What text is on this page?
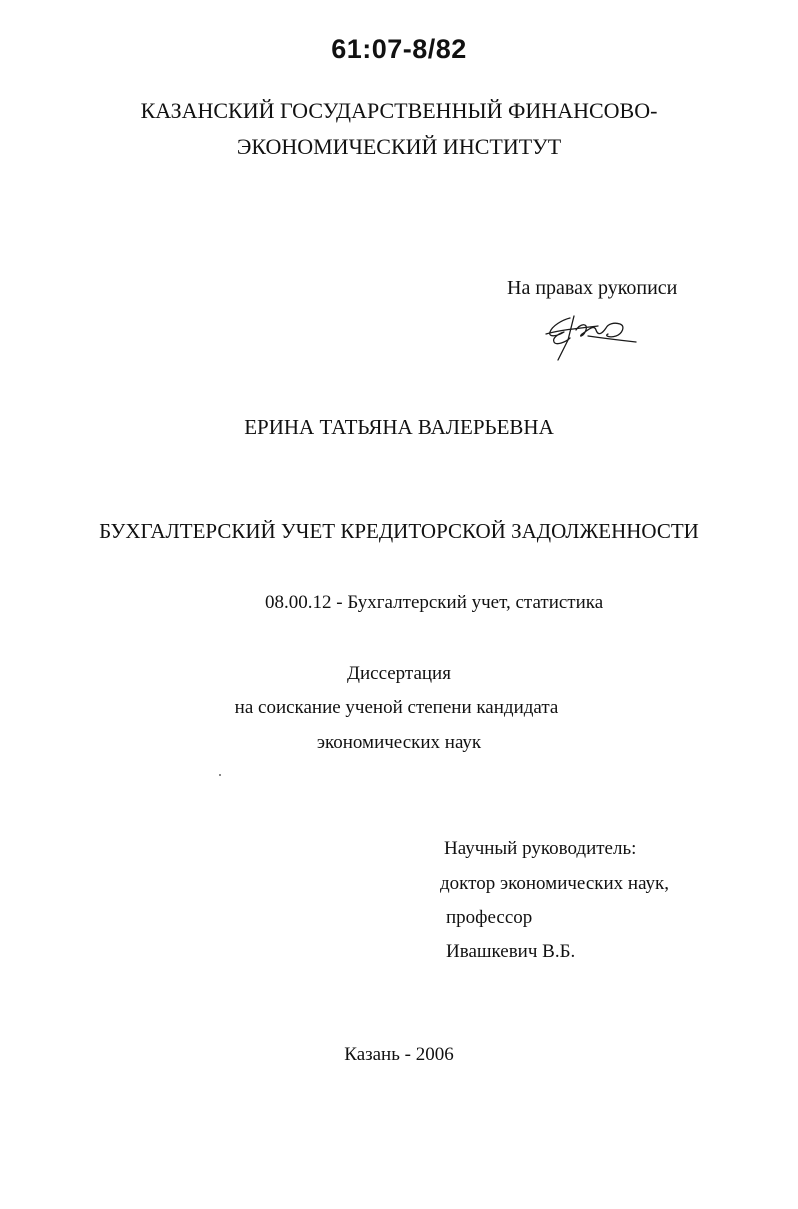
61:07-8/82
КАЗАНСКИЙ ГОСУДАРСТВЕННЫЙ ФИНАНСОВО-
ЭКОНОМИЧЕСКИЙ ИНСТИТУТ
На правах рукописи
ЕРИНА ТАТЬЯНА ВАЛЕРЬЕВНА
БУХГАЛТЕРСКИЙ УЧЕТ КРЕДИТОРСКОЙ ЗАДОЛЖЕННОСТИ
08.00.12 - Бухгалтерский учет, статистика
Диссертация
на соискание ученой степени кандидата
экономических наук
Научный руководитель:
доктор экономических наук,
профессор
Ивашкевич В.Б.
Казань - 2006
